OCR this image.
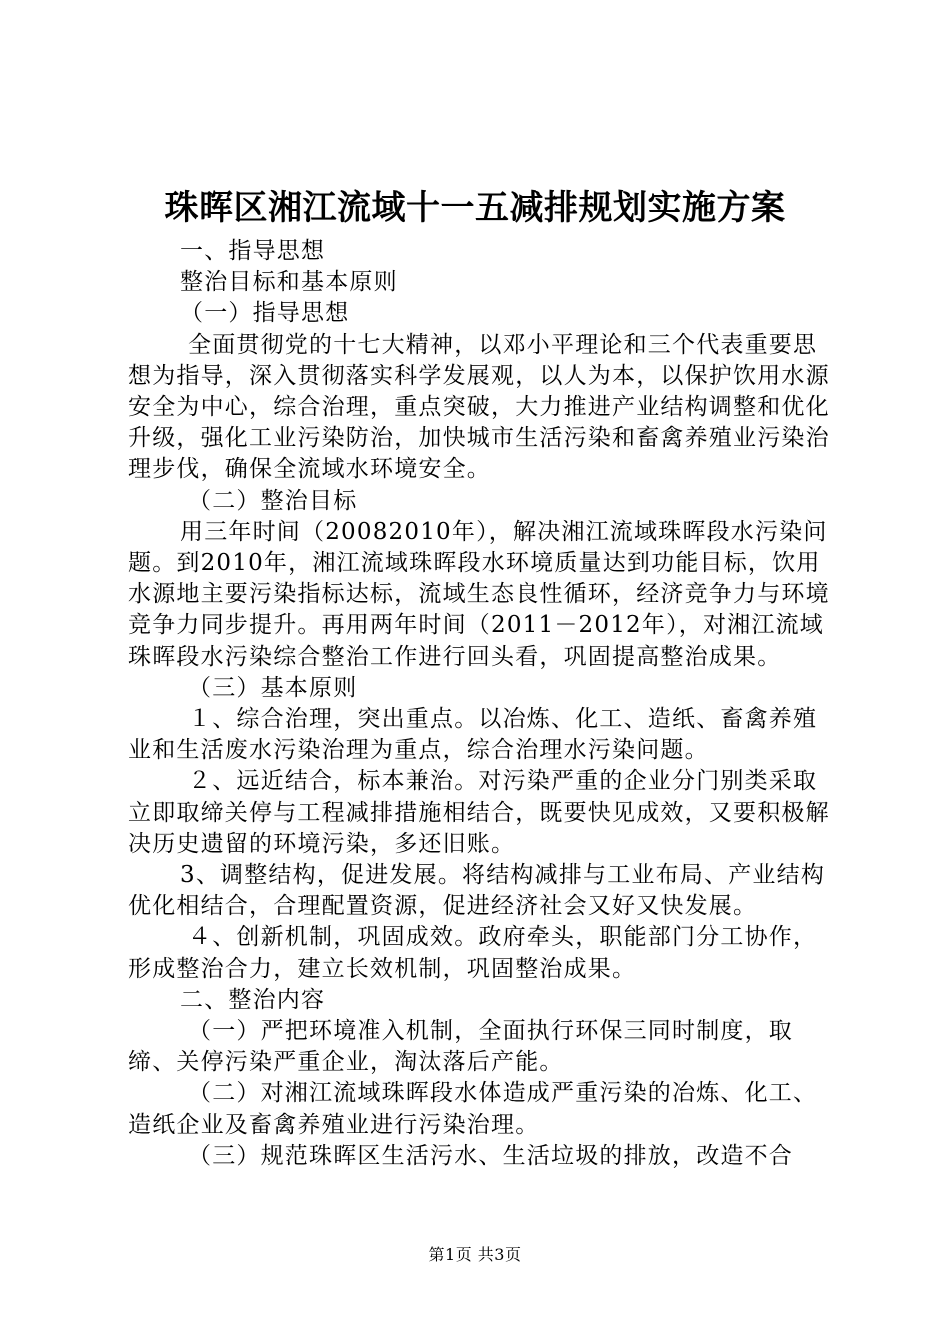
珠晖区湘江流域十一五减排规划实施方案

一、指导思想

整治目标和基本原则

（一）指导思想

全面贯彻党的十七大精神，以邓小平理论和三个代表重要思想为指导，深入贯彻落实科学发展观，以人为本，以保护饮用水源安全为中心，综合治理，重点突破，大力推进产业结构调整和优化升级，强化工业污染防治，加快城市生活污染和畜禽养殖业污染治理步伐，确保全流域水环境安全。

（二）整治目标

用三年时间（20082010年），解决湘江流域珠晖段水污染问题。到2010年，湘江流域珠晖段水环境质量达到功能目标，饮用水源地主要污染指标达标，流域生态良性循环，经济竞争力与环境竞争力同步提升。再用两年时间（2011－2012年），对湘江流域珠晖段水污染综合整治工作进行回头看，巩固提高整治成果。

（三）基本原则

１、综合治理，突出重点。以冶炼、化工、造纸、畜禽养殖业和生活废水污染治理为重点，综合治理水污染问题。

２、远近结合，标本兼治。对污染严重的企业分门别类采取立即取缔关停与工程减排措施相结合，既要快见成效，又要积极解决历史遗留的环境污染，多还旧账。

3、调整结构，促进发展。将结构减排与工业布局、产业结构优化相结合，合理配置资源，促进经济社会又好又快发展。

４、创新机制，巩固成效。政府牵头，职能部门分工协作，形成整治合力，建立长效机制，巩固整治成果。

二、整治内容

（一）严把环境准入机制，全面执行环保三同时制度，取缔、关停污染严重企业，淘汰落后产能。

（二）对湘江流域珠晖段水体造成严重污染的冶炼、化工、造纸企业及畜禽养殖业进行污染治理。

（三）规范珠晖区生活污水、生活垃圾的排放，改造不合

第1页 共3页
